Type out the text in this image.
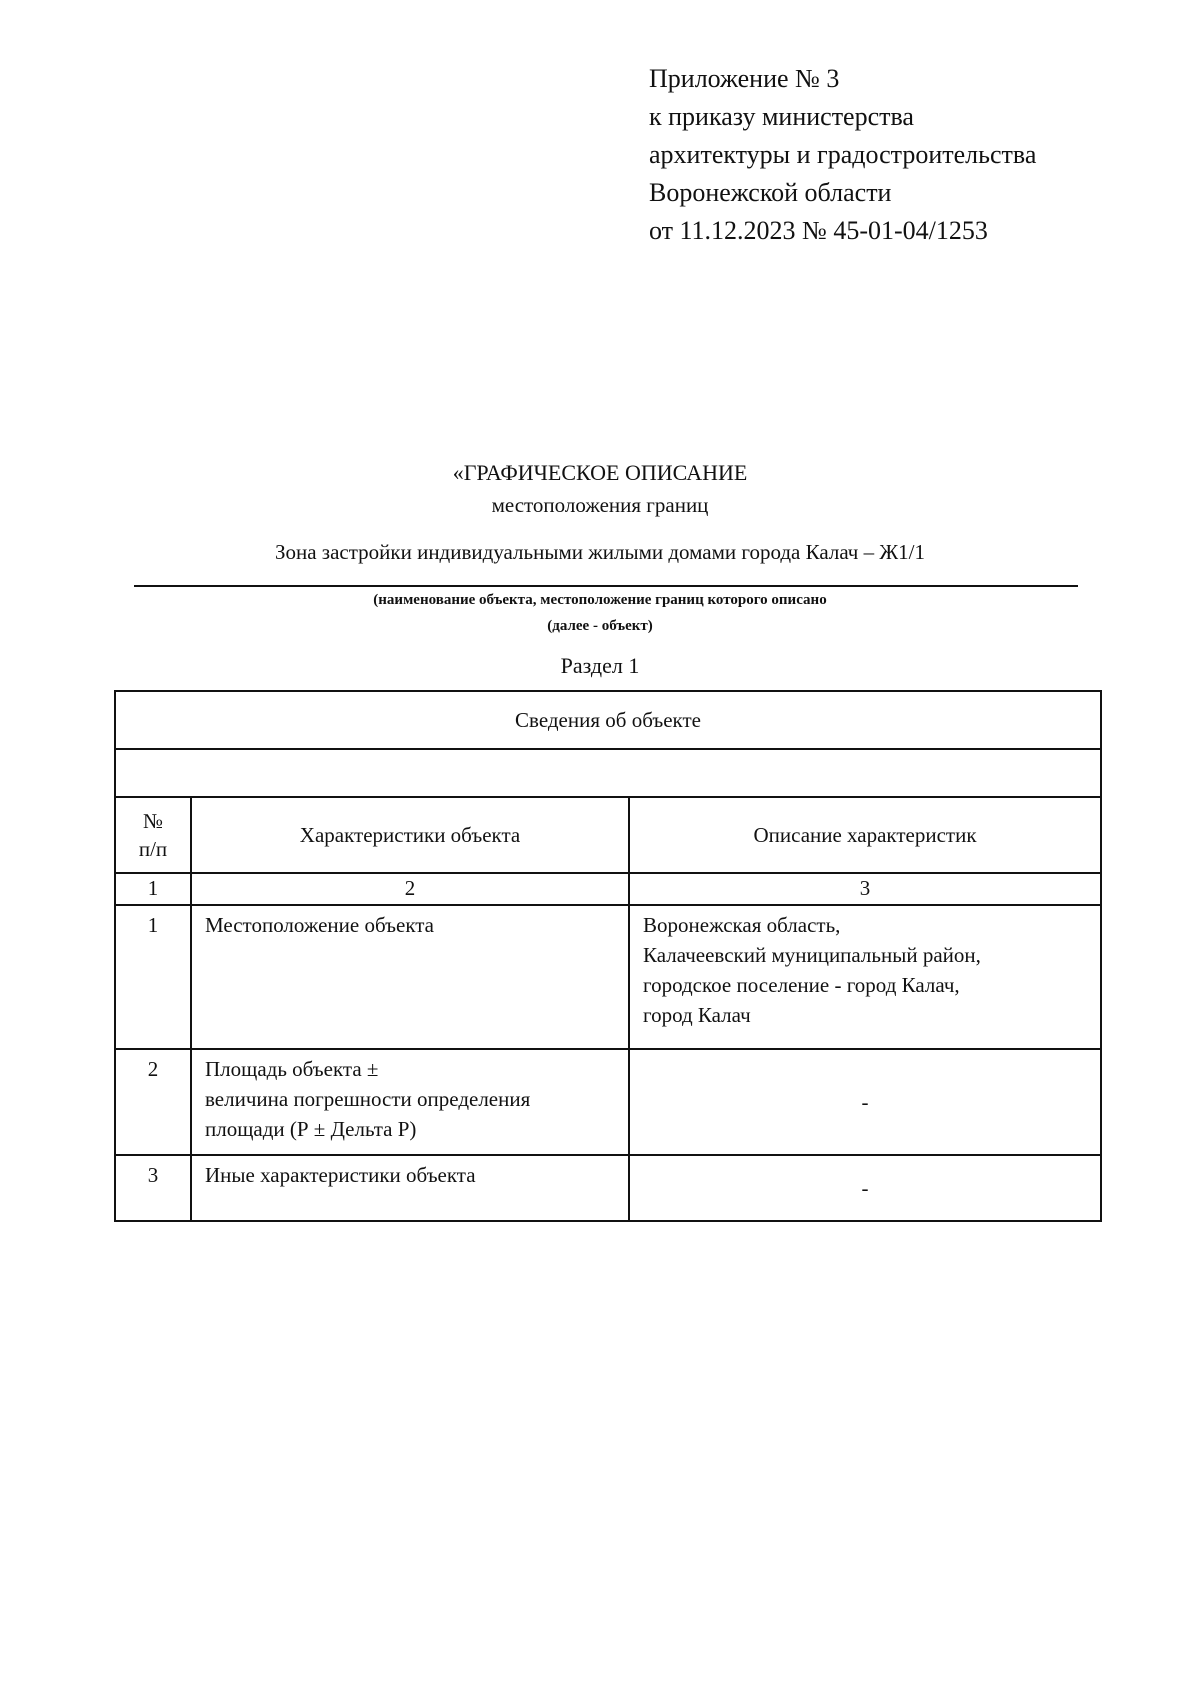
Приложение № 3
к приказу министерства
архитектуры и градостроительства
Воронежской области
от 11.12.2023 № 45-01-04/1253
«ГРАФИЧЕСКОЕ ОПИСАНИЕ
местоположения границ
Зона застройки индивидуальными жилыми домами города Калач – Ж1/1
(наименование объекта, местоположение границ которого описано
(далее - объект)
Раздел 1
Сведения об объекте		

№
п/п	Характеристики объекта	Описание характеристик
1	2	3
1	Местоположение объекта	Воронежская область,
Калачеевский муниципальный район,
городское поселение - город Калач,
город Калач

2	Площадь объекта ±
величина погрешности определения
площади (Р ± Дельта Р)	-
3	Иные характеристики объекта	-
